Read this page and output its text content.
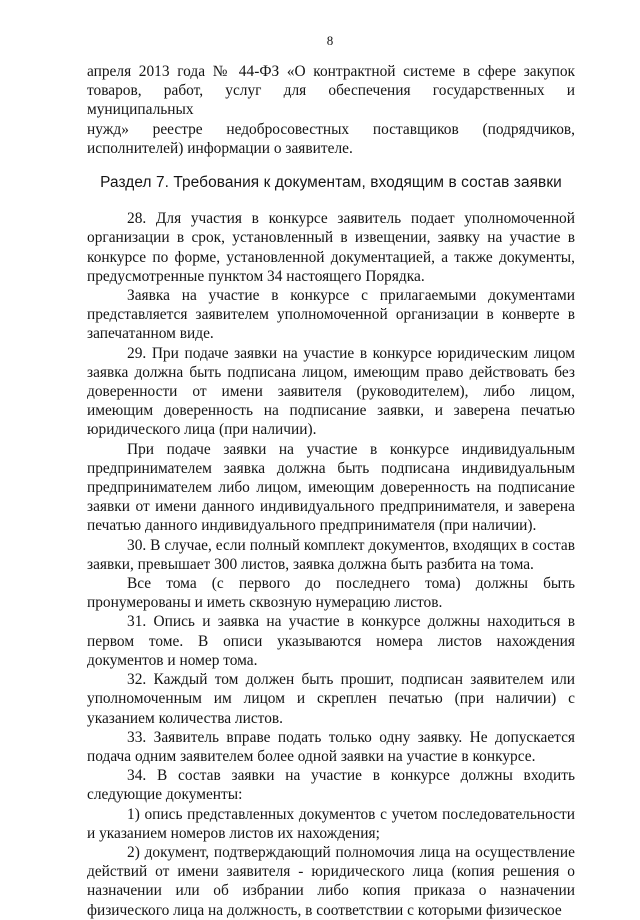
8
апреля 2013 года № 44-ФЗ «О контрактной системе в сфере закупок
товаров, работ, услуг для обеспечения государственных и муниципальных
нужд» реестре недобросовестных поставщиков (подрядчиков,
исполнителей) информации о заявителе.
Раздел 7. Требования к документам, входящим в состав заявки

28. Для участия в конкурсе заявитель подает уполномоченной организации в срок, установленный в извещении, заявку на участие в конкурсе по форме, установленной документацией, а также документы, предусмотренные пунктом 34 настоящего Порядка.

Заявка на участие в конкурсе с прилагаемыми документами представляется заявителем уполномоченной организации в конверте в запечатанном виде.

29. При подаче заявки на участие в конкурсе юридическим лицом заявка должна быть подписана лицом, имеющим право действовать без доверенности от имени заявителя (руководителем), либо лицом, имеющим доверенность на подписание заявки, и заверена печатью юридического лица (при наличии).

При подаче заявки на участие в конкурсе индивидуальным предпринимателем заявка должна быть подписана индивидуальным предпринимателем либо лицом, имеющим доверенность на подписание заявки от имени данного индивидуального предпринимателя, и заверена печатью данного индивидуального предпринимателя (при наличии).

30. В случае, если полный комплект документов, входящих в состав заявки, превышает 300 листов, заявка должна быть разбита на тома.

Все тома (с первого до последнего тома) должны быть пронумерованы и иметь сквозную нумерацию листов.

31. Опись и заявка на участие в конкурсе должны находиться в первом томе. В описи указываются номера листов нахождения документов и номер тома.

32. Каждый том должен быть прошит, подписан заявителем или уполномоченным им лицом и скреплен печатью (при наличии) с указанием количества листов.

33. Заявитель вправе подать только одну заявку. Не допускается подача одним заявителем более одной заявки на участие в конкурсе.

34. В состав заявки на участие в конкурсе должны входить следующие документы:

1) опись представленных документов с учетом последовательности и указанием номеров листов их нахождения;

2) документ, подтверждающий полномочия лица на осуществление действий от имени заявителя - юридического лица (копия решения о назначении или об избрании либо копия приказа о назначении физического лица на должность, в соответствии с которыми физическое
